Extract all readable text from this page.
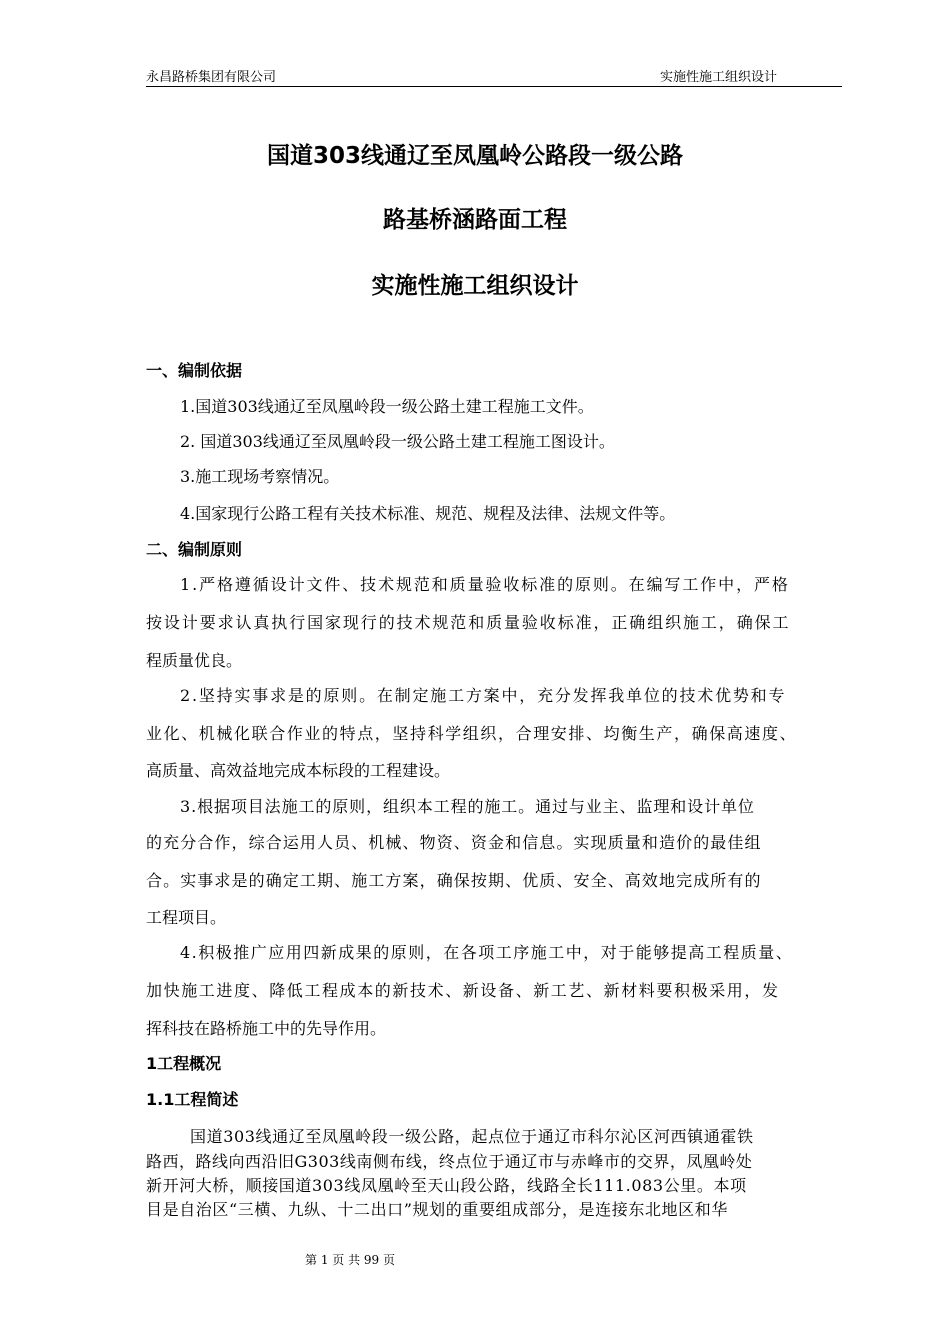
永昌路桥集团有限公司	实施性施工组织设计
国道303线通辽至凤凰岭公路段一级公路
路基桥涵路面工程
实施性施工组织设计
一、编制依据
1.国道303线通辽至凤凰岭段一级公路土建工程施工文件。
2. 国道303线通辽至凤凰岭段一级公路土建工程施工图设计。
3.施工现场考察情况。
4.国家现行公路工程有关技术标准、规范、规程及法律、法规文件等。
二、编制原则
1.严格遵循设计文件、技术规范和质量验收标准的原则。在编写工作中，严格
按设计要求认真执行国家现行的技术规范和质量验收标准，正确组织施工，确保工
程质量优良。
2.坚持实事求是的原则。在制定施工方案中，充分发挥我单位的技术优势和专
业化、机械化联合作业的特点，坚持科学组织，合理安排、均衡生产，确保高速度、
高质量、高效益地完成本标段的工程建设。
3.根据项目法施工的原则，组织本工程的施工。通过与业主、监理和设计单位
的充分合作，综合运用人员、机械、物资、资金和信息。实现质量和造价的最佳组
合。实事求是的确定工期、施工方案，确保按期、优质、安全、高效地完成所有的
工程项目。
4.积极推广应用四新成果的原则，在各项工序施工中，对于能够提高工程质量、
加快施工进度、降低工程成本的新技术、新设备、新工艺、新材料要积极采用，发
挥科技在路桥施工中的先导作用。
1工程概况
1.1工程简述
国道303线通辽至凤凰岭段一级公路，起点位于通辽市科尔沁区河西镇通霍铁
路西，路线向西沿旧G303线南侧布线，终点位于通辽市与赤峰市的交界，凤凰岭处
新开河大桥，顺接国道303线凤凰岭至天山段公路，线路全长111.083公里。本项
目是自治区“三横、九纵、十二出口”规划的重要组成部分，是连接东北地区和华
第 1 页 共 99 页
